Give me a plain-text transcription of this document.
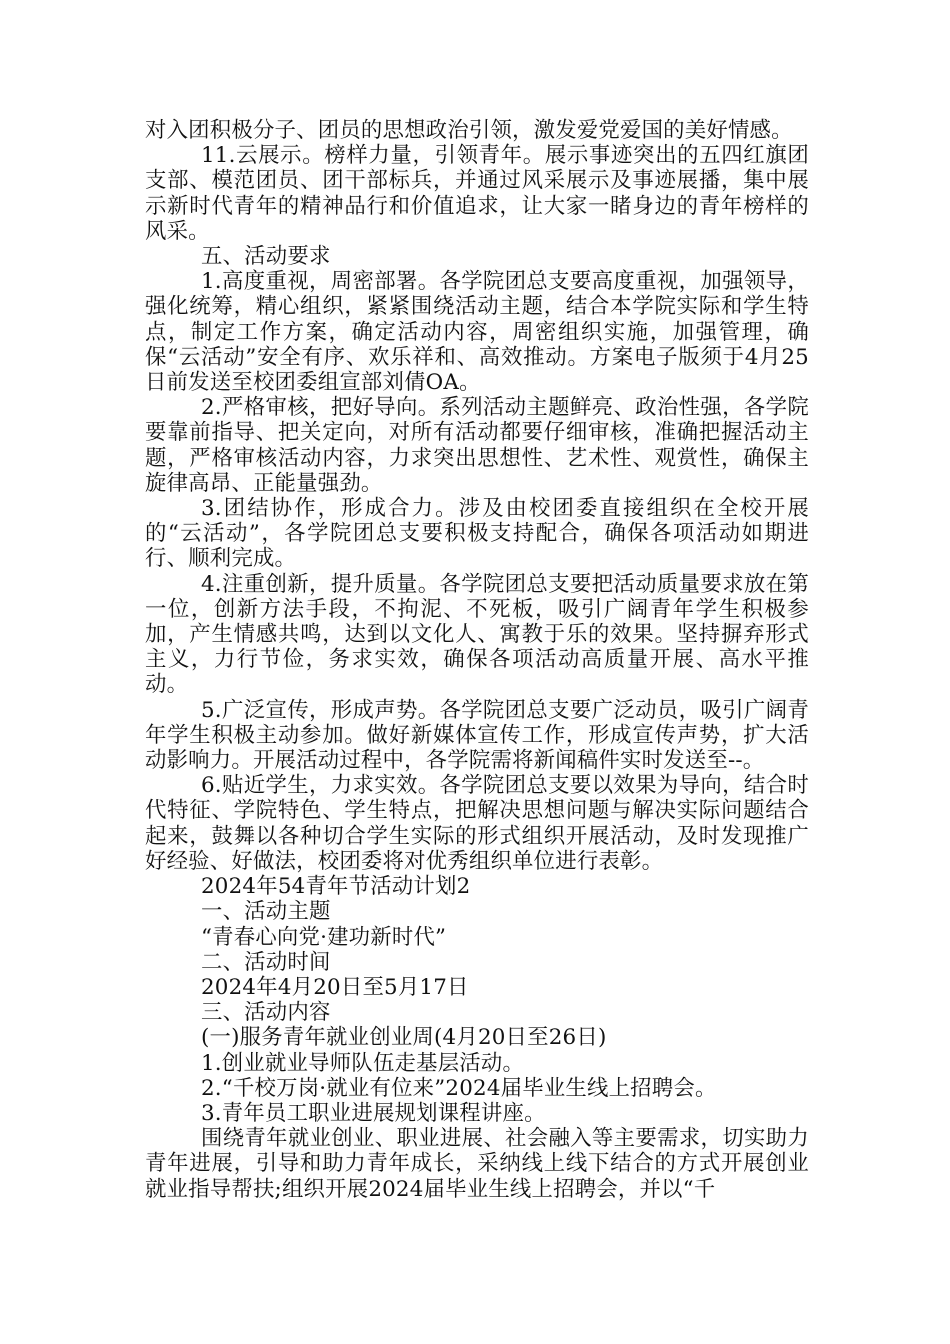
对入团积极分子、团员的思想政治引领，激发爱党爱国的美好情感。

11.云展示。榜样力量，引领青年。展示事迹突出的五四红旗团支部、模范团员、团干部标兵，并通过风采展示及事迹展播，集中展示新时代青年的精神品行和价值追求，让大家一睹身边的青年榜样的风采。

五、活动要求

1.高度重视，周密部署。各学院团总支要高度重视，加强领导，强化统筹，精心组织，紧紧围绕活动主题，结合本学院实际和学生特点，制定工作方案，确定活动内容，周密组织实施，加强管理，确保“云活动”安全有序、欢乐祥和、高效推动。方案电子版须于4月25日前发送至校团委组宣部刘倩OA。

2.严格审核，把好导向。系列活动主题鲜亮、政治性强，各学院要靠前指导、把关定向，对所有活动都要仔细审核，准确把握活动主题，严格审核活动内容，力求突出思想性、艺术性、观赏性，确保主旋律高昂、正能量强劲。

3.团结协作，形成合力。涉及由校团委直接组织在全校开展的“云活动”，各学院团总支要积极支持配合，确保各项活动如期进行、顺利完成。

4.注重创新，提升质量。各学院团总支要把活动质量要求放在第一位，创新方法手段，不拘泥、不死板，吸引广阔青年学生积极参加，产生情感共鸣，达到以文化人、寓教于乐的效果。坚持摒弃形式主义，力行节俭，务求实效，确保各项活动高质量开展、高水平推动。

5.广泛宣传，形成声势。各学院团总支要广泛动员，吸引广阔青年学生积极主动参加。做好新媒体宣传工作，形成宣传声势，扩大活动影响力。开展活动过程中，各学院需将新闻稿件实时发送至--。

6.贴近学生，力求实效。各学院团总支要以效果为导向，结合时代特征、学院特色、学生特点，把解决思想问题与解决实际问题结合起来，鼓舞以各种切合学生实际的形式组织开展活动，及时发现推广好经验、好做法，校团委将对优秀组织单位进行表彰。

2024年54青年节活动计划2

一、活动主题

“青春心向党·建功新时代”

二、活动时间

2024年4月20日至5月17日

三、活动内容

(一)服务青年就业创业周(4月20日至26日)

1.创业就业导师队伍走基层活动。

2.“千校万岗·就业有位来”2024届毕业生线上招聘会。

3.青年员工职业进展规划课程讲座。

围绕青年就业创业、职业进展、社会融入等主要需求，切实助力青年进展，引导和助力青年成长，采纳线上线下结合的方式开展创业就业指导帮扶;组织开展2024届毕业生线上招聘会，并以“千
